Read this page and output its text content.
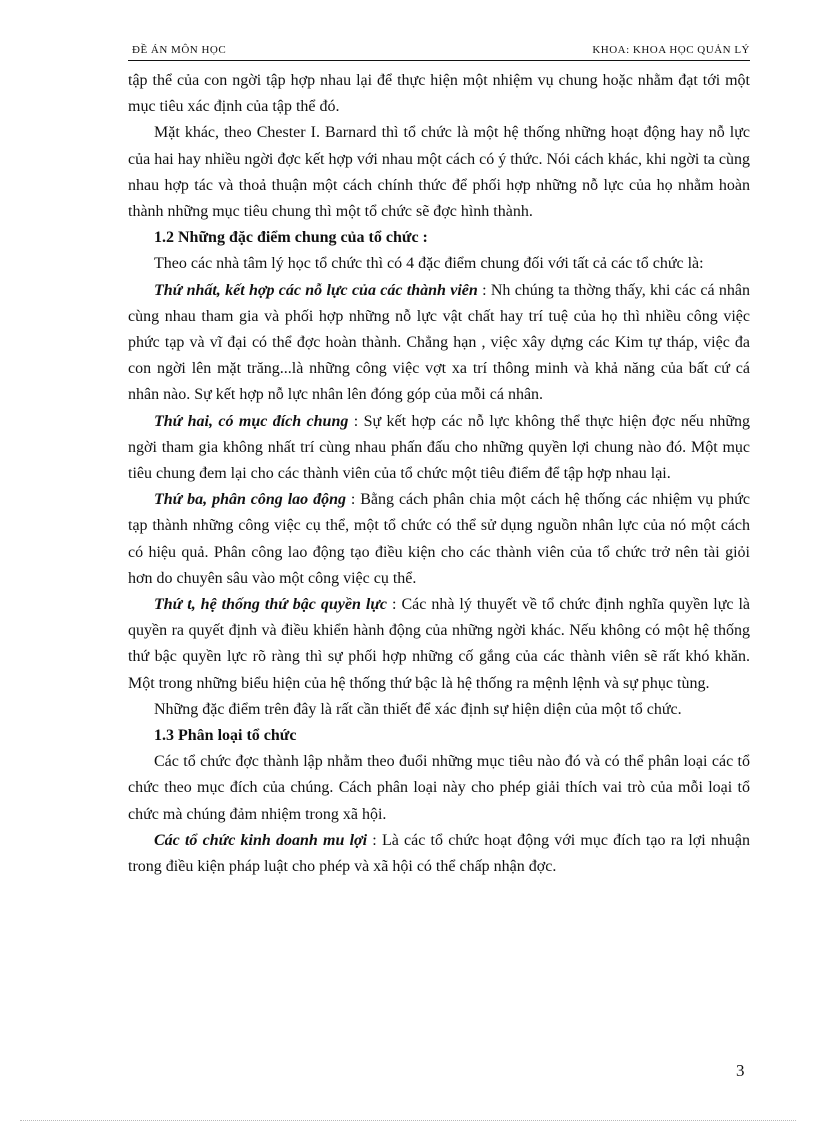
ĐỀ ÁN MÔN HỌC	KHOA: KHOA HỌC QUẢN LÝ

tập thể của con ngời tập hợp nhau lại để thực hiện một nhiệm vụ chung hoặc nhằm đạt tới một mục tiêu xác định của tập thể đó.

Mặt khác, theo Chester I. Barnard thì tổ chức là một hệ thống những hoạt động hay nỗ lực của hai hay nhiều ngời đợc kết hợp với nhau một cách có ý thức. Nói cách khác, khi ngời ta cùng nhau hợp tác và thoả thuận một cách chính thức để phối hợp những nỗ lực của họ nhằm hoàn thành những mục tiêu chung thì một tổ chức sẽ đợc hình thành.

1.2 Những đặc điểm chung của tổ chức :

Theo các nhà tâm lý học tổ chức thì có 4 đặc điểm chung đối với tất cả các tổ chức là:

Thứ nhất, kết hợp các nỗ lực của các thành viên : Nh chúng ta thờng thấy, khi các cá nhân cùng nhau tham gia và phối hợp những nỗ lực vật chất hay trí tuệ của họ thì nhiều công việc phức tạp và vĩ đại có thể đợc hoàn thành. Chẳng hạn , việc xây dựng các Kim tự tháp, việc đa con ngời lên mặt trăng...là những công việc vợt xa trí thông minh và khả năng của bất cứ cá nhân nào. Sự kết hợp nỗ lực nhân lên đóng góp của mỗi cá nhân.

Thứ hai, có mục đích chung : Sự kết hợp các nỗ lực không thể thực hiện đợc nếu những ngời tham gia không nhất trí cùng nhau phấn đấu cho những quyền lợi chung nào đó. Một mục tiêu chung đem lại cho các thành viên của tổ chức một tiêu điểm để tập hợp nhau lại.

Thứ ba, phân công lao động : Bằng cách phân chia một cách hệ thống các nhiệm vụ phức tạp thành những công việc cụ thể, một tổ chức có thể sử dụng nguồn nhân lực của nó một cách có hiệu quả. Phân công lao động tạo điều kiện cho các thành viên của tổ chức trở nên tài giỏi hơn do chuyên sâu vào một công việc cụ thể.

Thứ t, hệ thống thứ bậc quyền lực : Các nhà lý thuyết về tổ chức định nghĩa quyền lực là quyền ra quyết định và điều khiển hành động của những ngời khác. Nếu không có một hệ thống thứ bậc quyền lực rõ ràng thì sự phối hợp những cố gắng của các thành viên sẽ rất khó khăn. Một trong những biểu hiện của hệ thống thứ bậc là hệ thống ra mệnh lệnh và sự phục tùng.

Những đặc điểm trên đây là rất cần thiết để xác định sự hiện diện của một tổ chức.

1.3 Phân loại tổ chức

Các tổ chức đợc thành lập nhằm theo đuổi những mục tiêu nào đó và có thể phân loại các tổ chức theo mục đích của chúng. Cách phân loại này cho phép giải thích vai trò của mỗi loại tổ chức mà chúng đảm nhiệm trong xã hội.

Các tổ chức kinh doanh mu lợi : Là các tổ chức hoạt động với mục đích tạo ra lợi nhuận trong điều kiện pháp luật cho phép và xã hội có thể chấp nhận đợc.

3
